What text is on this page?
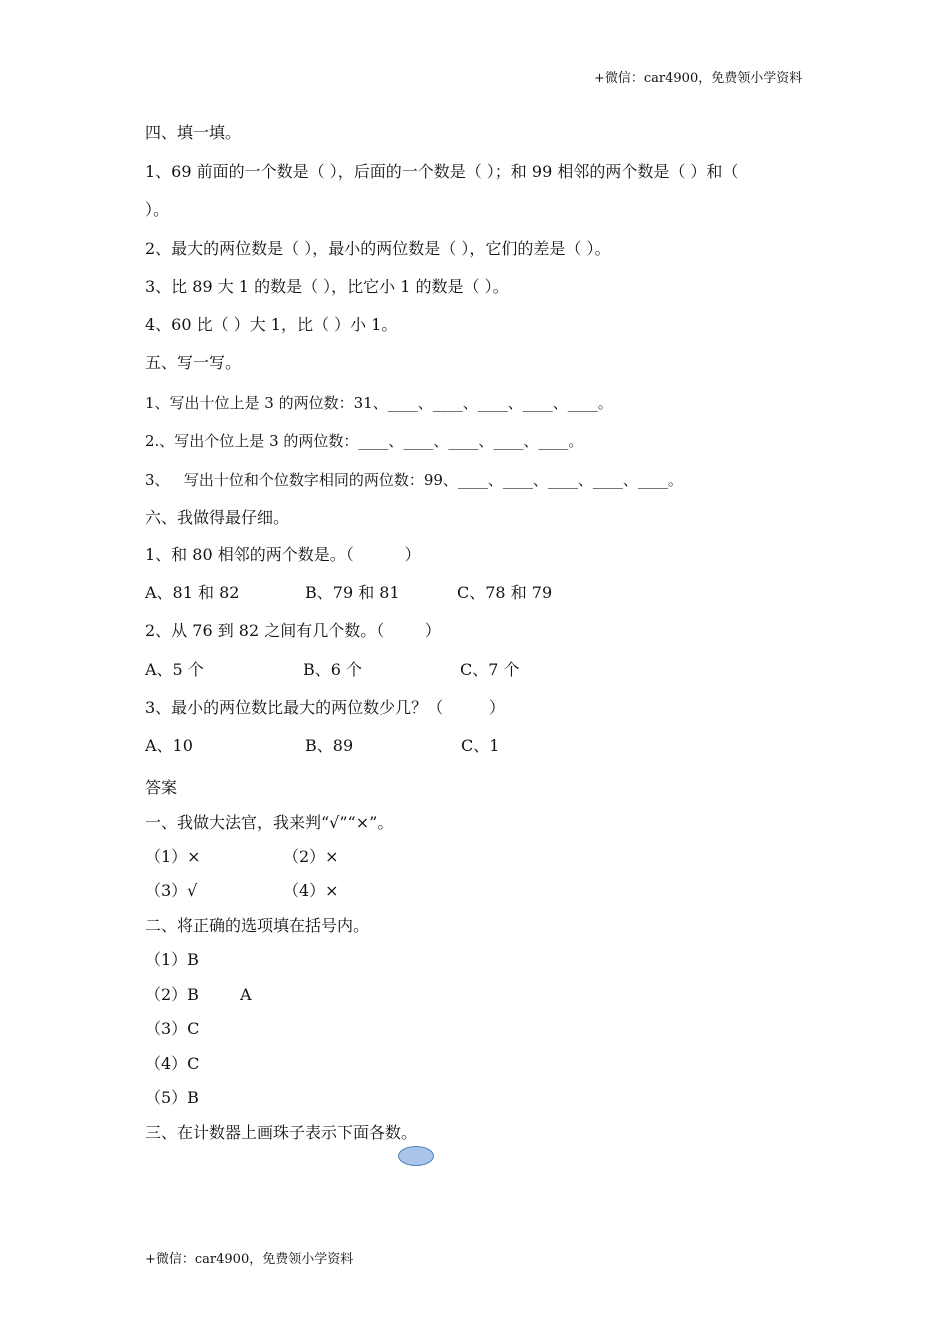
+微信：car4900，免费领小学资料
四、填一填。
1、69 前面的一个数是（ ），后面的一个数是（ ）；和 99 相邻的两个数是（ ）和（
）。
2、最大的两位数是（ ），最小的两位数是（ ），它们的差是（ ）。
3、比 89 大 1 的数是（ ），比它小 1 的数是（ ）。
4、60 比（ ）大 1，比（ ）小 1。
五、写一写。
1、写出十位上是 3 的两位数：31、____、____、____、____、____。
2.、写出个位上是 3 的两位数：____、____、____、____、____。
3、   写出十位和个位数字相同的两位数：99、____、____、____、____、____。
六、我做得最仔细。
1、和 80 相邻的两个数是。（          ）
A、81 和 82	B、79 和 81	C、78 和 79
2、从 76 到 82 之间有几个数。（        ）
A、5 个	B、6 个	C、7 个
3、最小的两位数比最大的两位数少几？（         ）
A、10	B、89	C、1
答案
一、我做大法官，我来判“√”“×”。
（1）×	（2）×
（3）√	（4）×
二、将正确的选项填在括号内。
（1）B
（2）B	A
（3）C
（4）C
（5）B
三、在计数器上画珠子表示下面各数。
+微信：car4900，免费领小学资料
